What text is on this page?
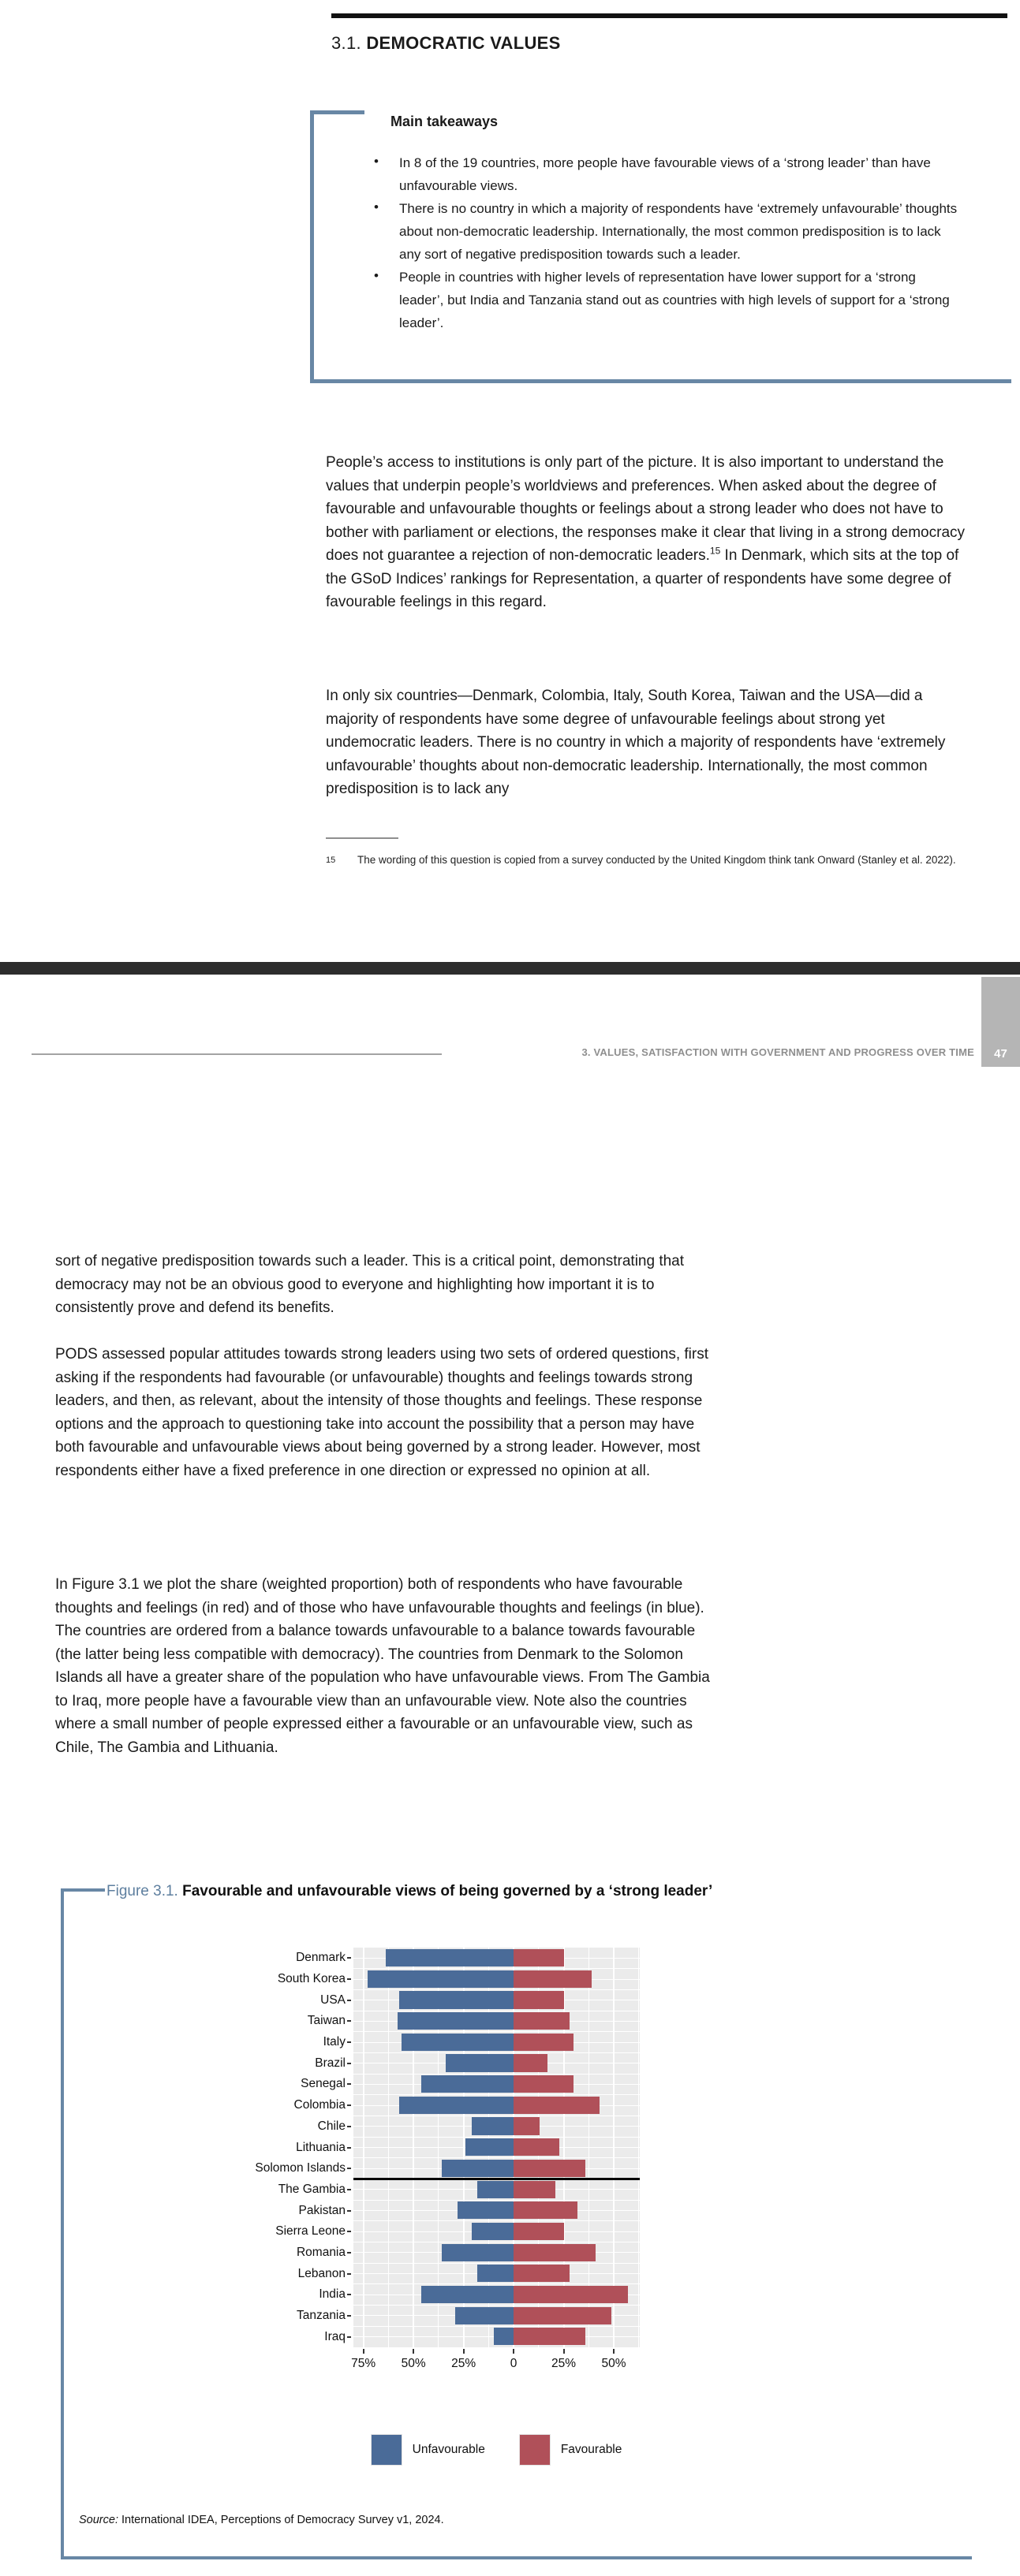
3.1. DEMOCRATIC VALUES
Main takeaways
• In 8 of the 19 countries, more people have favourable views of a ‘strong leader’ than have unfavourable views.
• There is no country in which a majority of respondents have ‘extremely unfavourable’ thoughts about non-democratic leadership. Internationally, the most common predisposition is to lack any sort of negative predisposition towards such a leader.
• People in countries with higher levels of representation have lower support for a ‘strong leader’, but India and Tanzania stand out as countries with high levels of support for a ‘strong leader’.
People’s access to institutions is only part of the picture. It is also important to understand the values that underpin people’s worldviews and preferences. When asked about the degree of favourable and unfavourable thoughts or feelings about a strong leader who does not have to bother with parliament or elections, the responses make it clear that living in a strong democracy does not guarantee a rejection of non-democratic leaders.$^{15}$ In Denmark, which sits at the top of the GSoD Indices’ rankings for Representation, a quarter of respondents have some degree of favourable feelings in this regard.
In only six countries—Denmark, Colombia, Italy, South Korea, Taiwan and the USA—did a majority of respondents have some degree of unfavourable feelings about strong yet undemocratic leaders. There is no country in which a majority of respondents have ‘extremely unfavourable’ thoughts about non-democratic leadership. Internationally, the most common predisposition is to lack any
15	The wording of this question is copied from a survey conducted by the United Kingdom think tank Onward (Stanley et al. 2022).
47
3. VALUES, SATISFACTION WITH GOVERNMENT AND PROGRESS OVER TIME
sort of negative predisposition towards such a leader. This is a critical point, demonstrating that democracy may not be an obvious good to everyone and highlighting how important it is to consistently prove and defend its benefits.
PODS assessed popular attitudes towards strong leaders using two sets of ordered questions, first asking if the respondents had favourable (or unfavourable) thoughts and feelings towards strong leaders, and then, as relevant, about the intensity of those thoughts and feelings. These response options and the approach to questioning take into account the possibility that a person may have both favourable and unfavourable views about being governed by a strong leader. However, most respondents either have a fixed preference in one direction or expressed no opinion at all.
In Figure 3.1 we plot the share (weighted proportion) both of respondents who have favourable thoughts and feelings (in red) and of those who have unfavourable thoughts and feelings (in blue). The countries are ordered from a balance towards unfavourable to a balance towards favourable (the latter being less compatible with democracy). The countries from Denmark to the Solomon Islands all have a greater share of the population who have unfavourable views. From The Gambia to Iraq, more people have a favourable view than an unfavourable view. Note also the countries where a small number of people expressed either a favourable or an unfavourable view, such as Chile, The Gambia and Lithuania.
Figure 3.1. Favourable and unfavourable views of being governed by a ‘strong leader’
Denmark
South Korea
USA
Taiwan
Italy
Brazil
Senegal
Colombia
Chile
Lithuania
Solomon Islands
The Gambia
Pakistan
Sierra Leone
Romania
Lebanon
India
Tanzania
Iraq
75%	50%	25%	0	25%	50%
Unfavourable	Favourable
Source: International IDEA, Perceptions of Democracy Survey v1, 2024.
